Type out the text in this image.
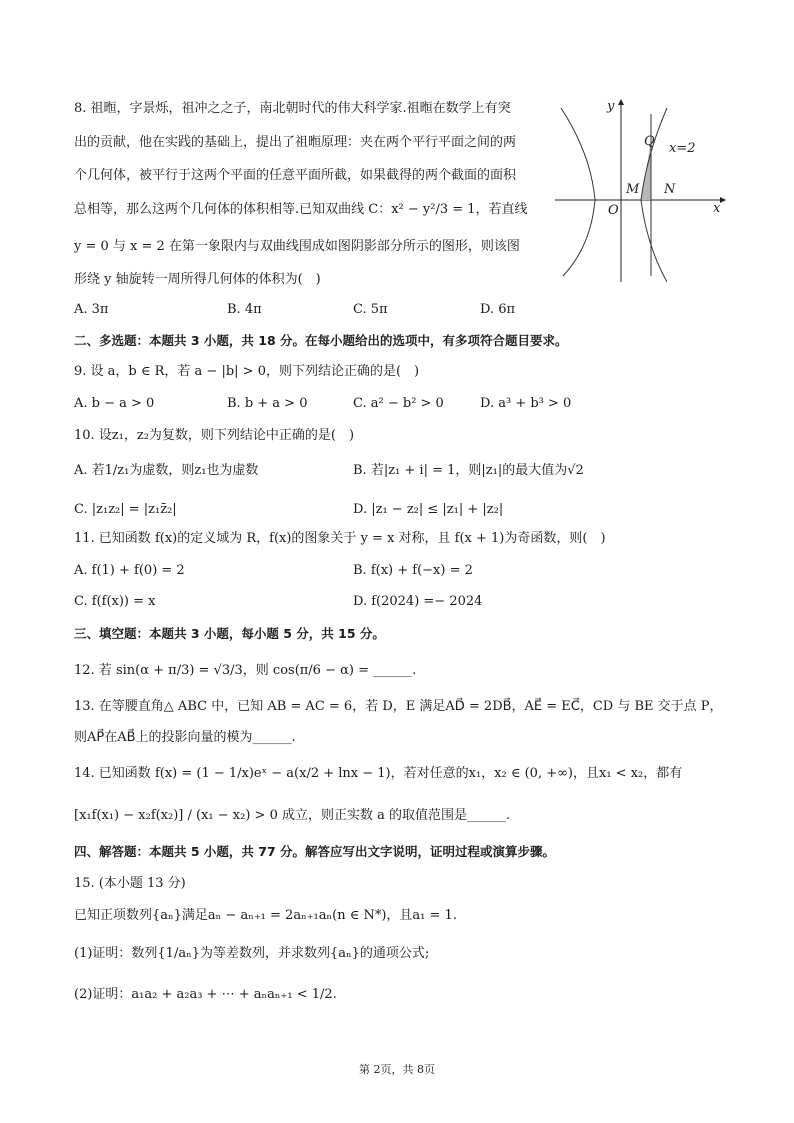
8. 祖暅，字景烁，祖冲之之子，南北朝时代的伟大科学家.祖暅在数学上有突
出的贡献，他在实践的基础上，提出了祖暅原理：夹在两个平行平面之间的两
个几何体，被平行于这两个平面的任意平面所截，如果截得的两个截面的面积
总相等，那么这两个几何体的体积相等.已知双曲线 C：x² − y²/3 = 1，若直线
y = 0 与 x = 2 在第一象限内与双曲线围成如图阴影部分所示的图形，则该图
形绕 y 轴旋转一周所得几何体的体积为(　)
y
Q x=2
M N
O	x
A. 3π	B. 4π	C. 5π	D. 6π
二、多选题：本题共 3 小题，共 18 分。在每小题给出的选项中，有多项符合题目要求。
9. 设 a，b ∈ R，若 a − |b| > 0，则下列结论正确的是(　)
A. b − a > 0	B. b + a > 0	C. a² − b² > 0	D. a³ + b³ > 0
10. 设z₁，z₂为复数，则下列结论中正确的是(　)
A. 若1/z₁为虚数，则z₁也为虚数	B. 若|z₁ + i| = 1，则|z₁|的最大值为√2
C. |z₁z₂| = |z₁z̄₂|	D. |z₁ − z₂| ≤ |z₁| + |z₂|
11. 已知函数 f(x)的定义域为 R，f(x)的图象关于 y = x 对称，且 f(x + 1)为奇函数，则(　)
A. f(1) + f(0) = 2	B. f(x) + f(−x) = 2
C. f(f(x)) = x	D. f(2024) =− 2024
三、填空题：本题共 3 小题，每小题 5 分，共 15 分。
12. 若 sin(α + π/3) = √3/3，则 cos(π/6 − α) = ______.
13. 在等腰直角△ ABC 中，已知 AB = AC = 6，若 D，E 满足AD⃗ = 2DB⃗，AE⃗ = EC⃗，CD 与 BE 交于点 P，
则AP⃗在AB⃗上的投影向量的模为______.
14. 已知函数 f(x) = (1 − 1/x)eˣ − a(x/2 + lnx − 1)，若对任意的x₁，x₂ ∈ (0, +∞)，且x₁ < x₂，都有
[x₁f(x₁) − x₂f(x₂)] / (x₁ − x₂) > 0 成立，则正实数 a 的取值范围是______.
四、解答题：本题共 5 小题，共 77 分。解答应写出文字说明，证明过程或演算步骤。
15. (本小题 13 分)
已知正项数列{aₙ}满足aₙ − aₙ₊₁ = 2aₙ₊₁aₙ(n ∈ N*)，且a₁ = 1.
(1)证明：数列{1/aₙ}为等差数列，并求数列{aₙ}的通项公式;
(2)证明：a₁a₂ + a₂a₃ + ⋯ + aₙaₙ₊₁ < 1/2.
第 2页，共 8页
